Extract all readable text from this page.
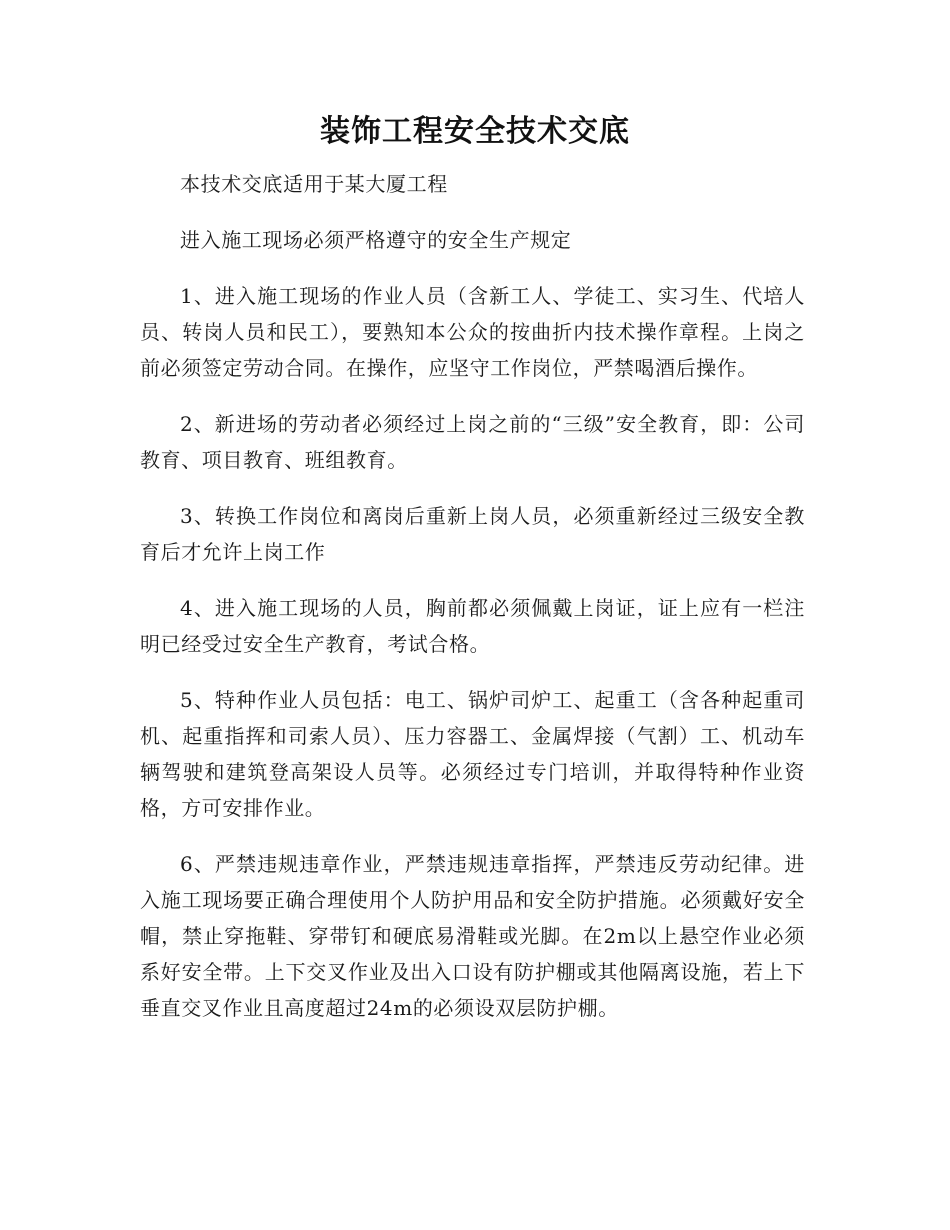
装饰工程安全技术交底

本技术交底适用于某大厦工程

进入施工现场必须严格遵守的安全生产规定

1、进入施工现场的作业人员（含新工人、学徒工、实习生、代培人员、转岗人员和民工），要熟知本公众的按曲折内技术操作章程。上岗之前必须签定劳动合同。在操作，应坚守工作岗位，严禁喝酒后操作。

2、新进场的劳动者必须经过上岗之前的“三级”安全教育，即：公司教育、项目教育、班组教育。

3、转换工作岗位和离岗后重新上岗人员，必须重新经过三级安全教育后才允许上岗工作

4、进入施工现场的人员，胸前都必须佩戴上岗证，证上应有一栏注明已经受过安全生产教育，考试合格。

5、特种作业人员包括：电工、锅炉司炉工、起重工（含各种起重司机、起重指挥和司索人员）、压力容器工、金属焊接（气割）工、机动车辆驾驶和建筑登高架设人员等。必须经过专门培训，并取得特种作业资格，方可安排作业。

6、严禁违规违章作业，严禁违规违章指挥，严禁违反劳动纪律。进入施工现场要正确合理使用个人防护用品和安全防护措施。必须戴好安全帽，禁止穿拖鞋、穿带钉和硬底易滑鞋或光脚。在2m以上悬空作业必须系好安全带。上下交叉作业及出入口设有防护棚或其他隔离设施，若上下垂直交叉作业且高度超过24m的必须设双层防护棚。
